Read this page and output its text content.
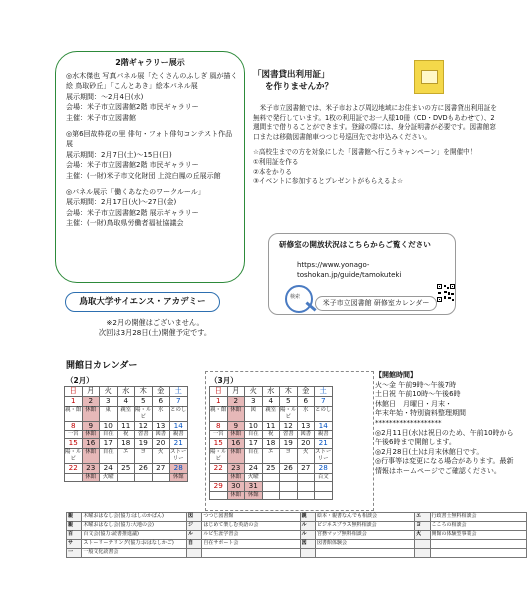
2階ギャラリー展示

◎水木傑也 写真パネル展「たくさんのふしぎ 風が描く絵 鳥取砂丘」「こんとあき」絵本パネル展

展示期間：～2月4日(水)

会場：米子市立図書館2階 市民ギャラリー

主催：米子市立図書館

◎第6回故枠花の里 俳句・フォト俳句コンテスト作品展

展示期間：2月7日(土)～15日(日)

会場：米子市立図書館2階 市民ギャラリー

主催：(一財)米子市文化財団 上淀白鳳の丘展示館

◎パネル展示「働くあなたのワークルール」

展示期間：2月17日(火)～27日(金)

会場：米子市立図書館2階 展示ギャラリー

主催：(一財)鳥取県労働者福祉協議会

鳥取大学サイエンス・アカデミー
※2月の開催はございません。
次回は3月28日(土)開催予定です。
「図書貸出利用証」
を作りませんか？

　米子市立図書館では、米子市および周辺地域にお住まいの方に図書貸出利用証を無料で発行しています。1枚の利用証でお一人様10冊（CD・DVDもあわせて）、2週間まで借りることができます。登録の際には、身分証明書が必要です。図書館窓口または移動図書館車つつじ号巡回先でお申込みください。

☆高校生までの方を対象にした「図書館へ行こうキャンペーン」を開催中！

①利用証を作る

②本をかりる

③イベントに参加するとプレゼントがもらえるよ☆

研修室の開放状況はこちらからご覧ください
https://www.yonago-
toshokan.jp/guide/tamokuteki
検索
米子市立図書館 研修室カレンダー
開館日カレンダー
（2月）	（3月）
日	月	火	水	木	金	土
1	2	3	4	5	6	7
親・館	休館	東	親室	陽・ルビ	水	とのし
8	9	10	11	12	13	14
一宮	休館	自在	祝	習書	図書	親書
15	16	17	18	19	20	21
陽・ルビ	休館	自在	エ	ヨ	火	ストーリー
22	23	24	25	26	27	28
	休館	火曜				休館
日	月	火	水	木	金	土
1	2	3	4	5	6	7
親・館	休館	図	親室	陽・ルビ	水	とのし
8	9	10	11	12	13	14
一宮	休館	自在	祝	習書	図書	親書
15	16	17	18	19	20	21
陽・ルビ	休館	自在	エ	ヨ	火	ストーリー
22	23	24	25	26	27	28
	休館	火曜				百文
29	30	31				
	休館	休館				

【開館時間】

火～金 午前9時～午後7時

土日祝 午前10時～午後6時

休館日　月曜日・月末・

年末年始・特別資料整理期間

*******************

◎2月11日(水)は祝日のため、午前10時から午後6時まで開館します。

◎2月28日(土)は月末休館日です。

◎行事等は変更になる場合があります。最新情報はホームページでご確認ください。

親	木曜おはなし会(協力:はしのかばん)	図	つつじ図書館	親	絵本・親書なんでも相談会	エ	行政書士無料相談会
親	木曜おはなし会(協力:大地の会)	ジ	はじめて楽しむ英語の会	ル	ビジネスプラス無料相談会	ヨ	こころの相談会
百	百文会(協力:読書推進議)	ル	ルビ生涯学習会	ル	宮務マップ無料相談会	火	開館の体験型事業会
サ	ストーリーテリング(協力:おはなしかご)	自	自在サポート会	図	図書館体験会		
一	一般文化読書会						
